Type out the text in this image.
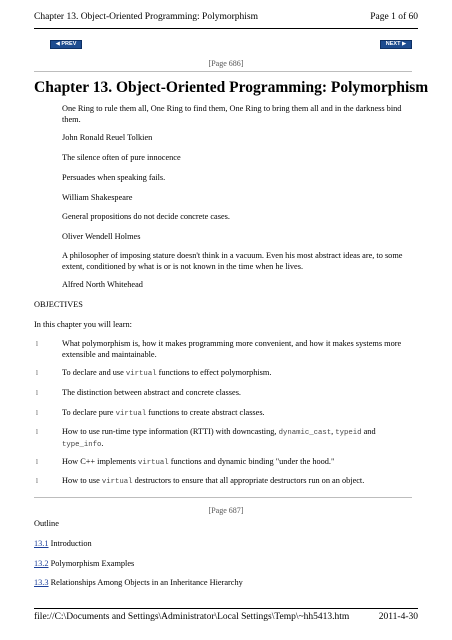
Chapter 13. Object-Oriented Programming: Polymorphism	Page 1 of 60
◀ PREV	NEXT ▶
[Page 686]
Chapter 13. Object-Oriented Programming: Polymorphism
One Ring to rule them all, One Ring to find them, One Ring to bring them all and in the darkness bind them.
John Ronald Reuel Tolkien
The silence often of pure innocence
Persuades when speaking fails.
William Shakespeare
General propositions do not decide concrete cases.
Oliver Wendell Holmes
A philosopher of imposing stature doesn't think in a vacuum. Even his most abstract ideas are, to some extent, conditioned by what is or is not known in the time when he lives.
Alfred North Whitehead
OBJECTIVES
In this chapter you will learn:
l	What polymorphism is, how it makes programming more convenient, and how it makes systems more extensible and maintainable.
l	To declare and use virtual functions to effect polymorphism.
l	The distinction between abstract and concrete classes.
l	To declare pure virtual functions to create abstract classes.
l	How to use run-time type information (RTTI) with downcasting, dynamic_cast, typeid and
type_info.
l	How C++ implements virtual functions and dynamic binding "under the hood."
l	How to use virtual destructors to ensure that all appropriate destructors run on an object.
[Page 687]
Outline
13.1 Introduction
13.2 Polymorphism Examples
13.3 Relationships Among Objects in an Inheritance Hierarchy
file://C:\Documents and Settings\Administrator\Local Settings\Temp\~hh5413.htm	2011-4-30
